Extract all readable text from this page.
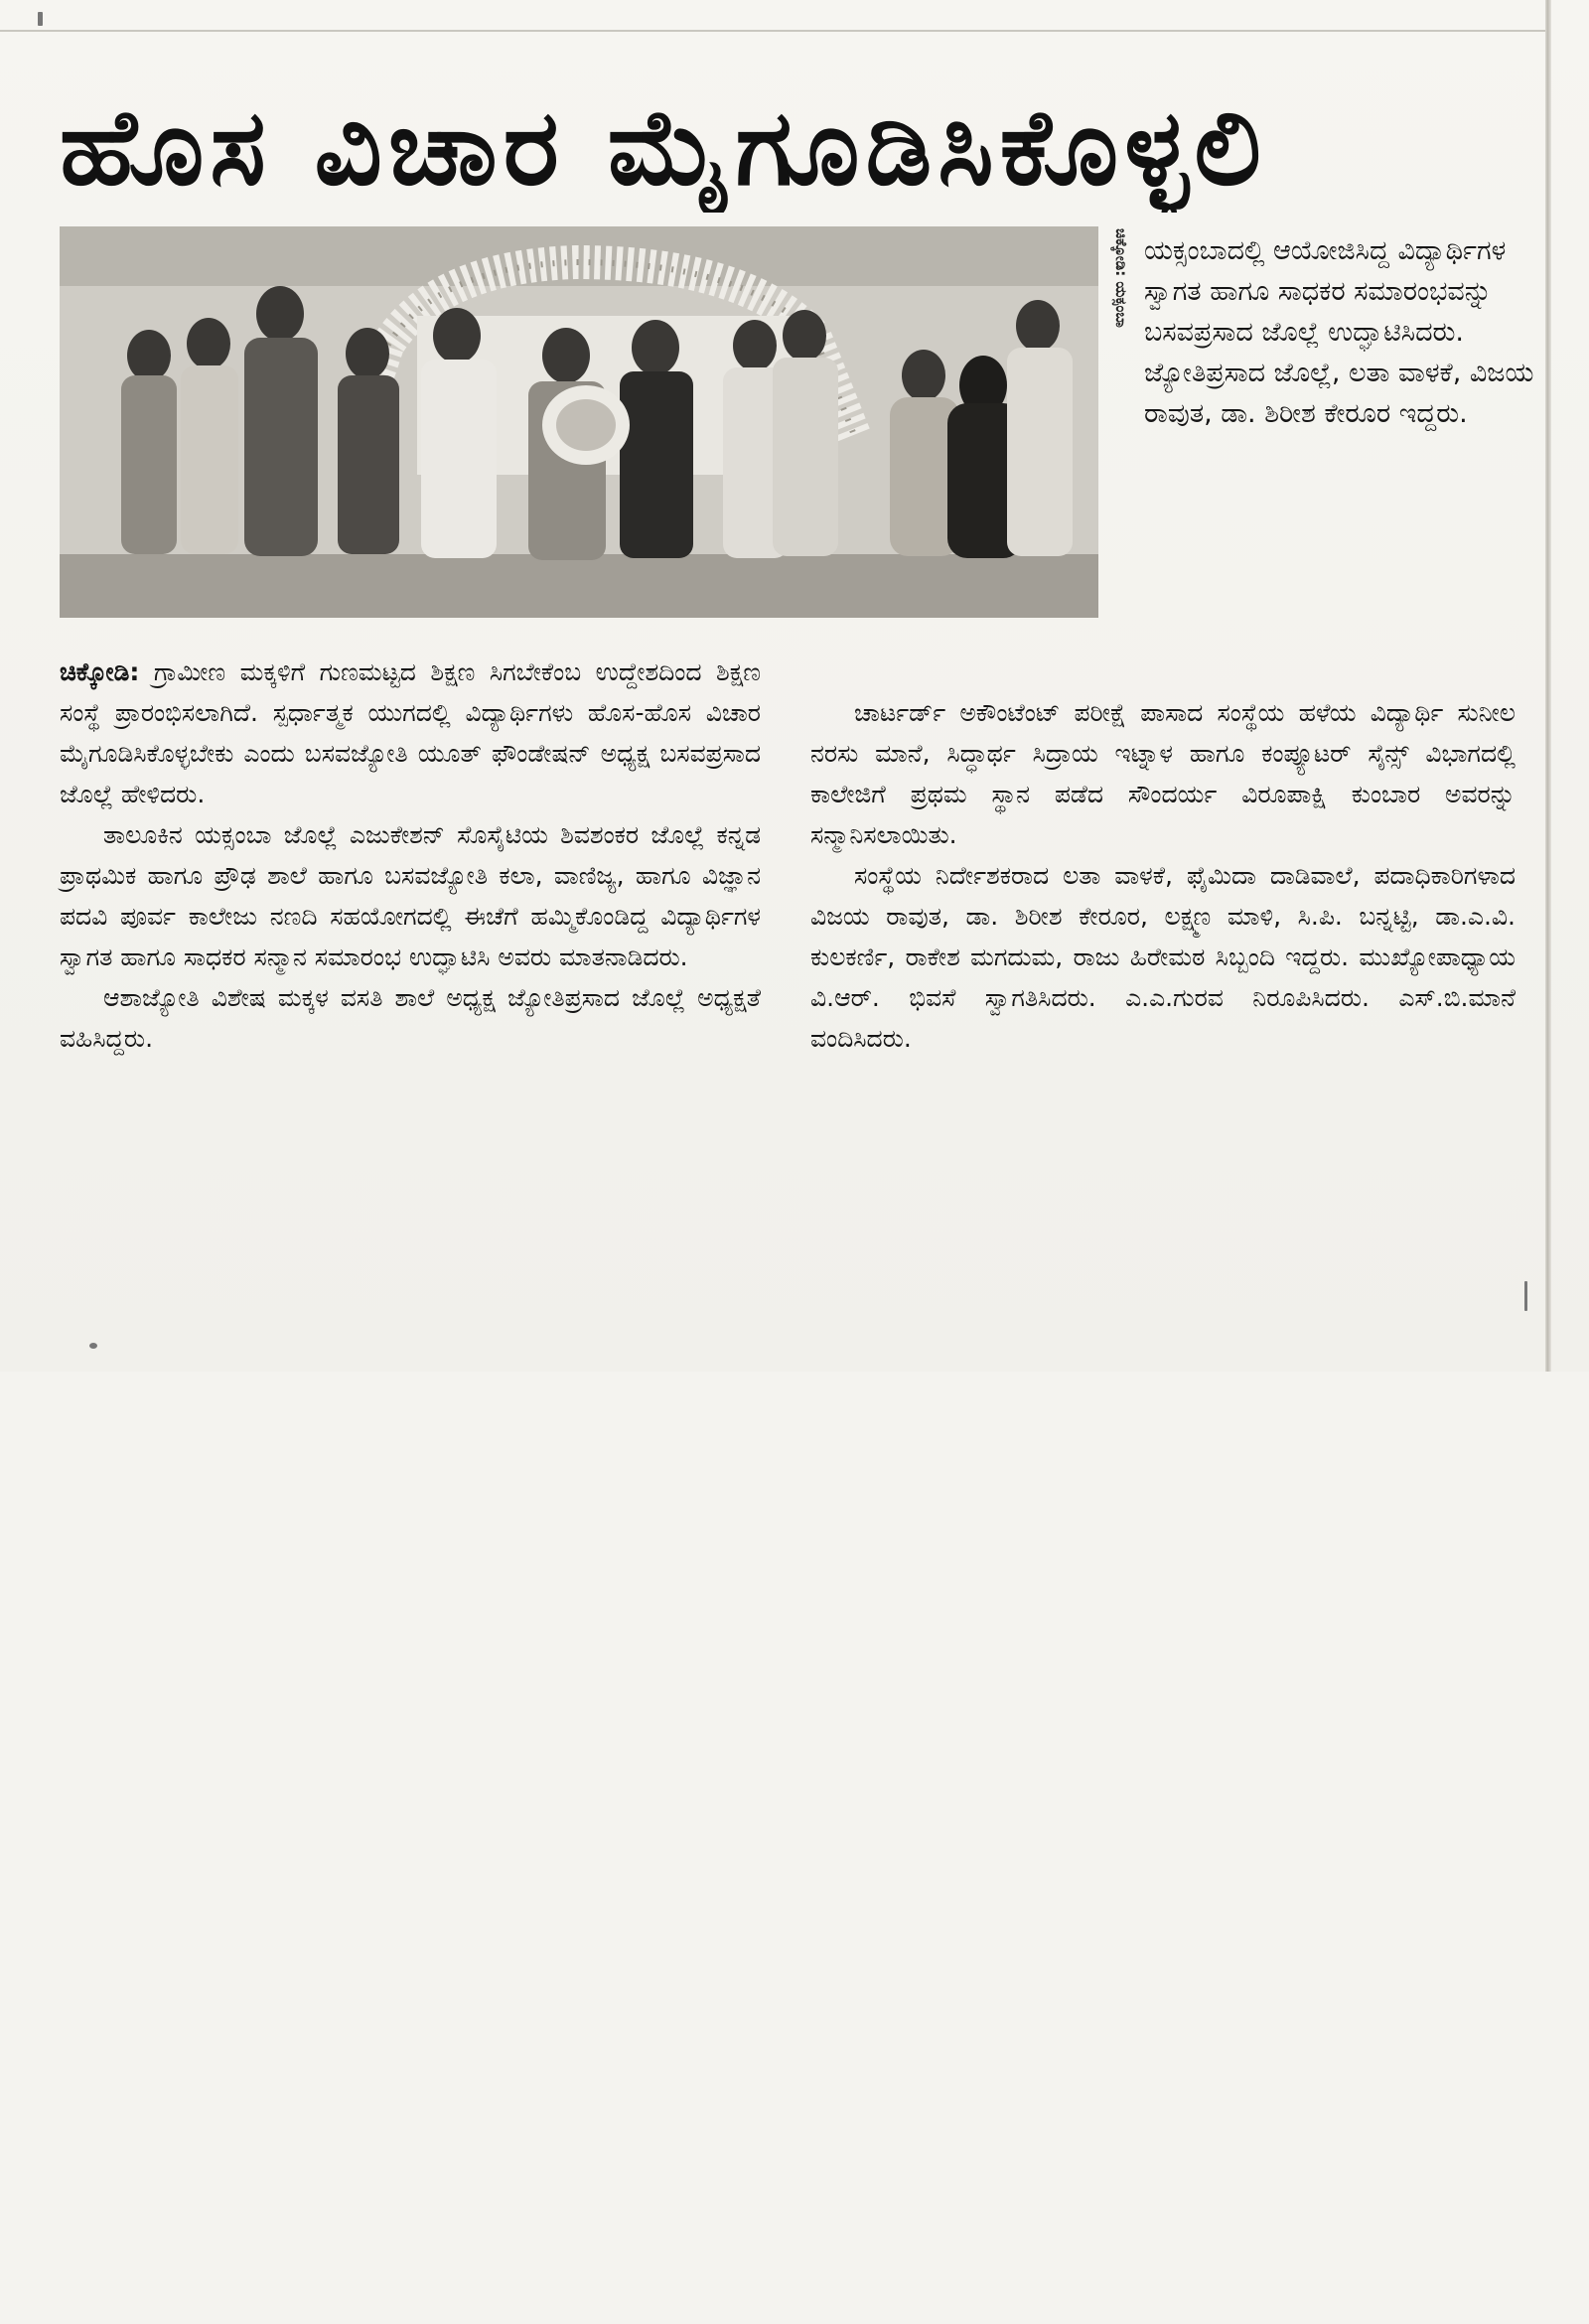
ಹೊಸ ವಿಚಾರ ಮೈಗೂಡಿಸಿಕೊಳ್ಳಲಿ
ಚಿಕ್ಕೋಡಿ: ಯಕ್ಸಂಬಾ ಯಕ್ಸಂಬಾದಲ್ಲಿ ಆಯೋಜಿಸಿದ್ದ ವಿದ್ಯಾರ್ಥಿಗಳ ಸ್ವಾಗತ ಹಾಗೂ ಸಾಧಕರ ಸಮಾರಂಭವನ್ನು ಬಸವಪ್ರಸಾದ ಜೊಲ್ಲೆ ಉದ್ಘಾಟಿಸಿದರು.

ಜ್ಯೋತಿಪ್ರಸಾದ ಜೊಲ್ಲೆ, ಲತಾ ವಾಳಕೆ, ವಿಜಯ ರಾವುತ, ಡಾ. ಶಿರೀಶ ಕೇರೂರ ಇದ್ದರು.

ಚಿಕ್ಕೋಡಿ: ಗ್ರಾಮೀಣ ಮಕ್ಕಳಿಗೆ ಗುಣಮಟ್ಟದ ಶಿಕ್ಷಣ ಸಿಗಬೇಕೆಂಬ ಉದ್ದೇಶದಿಂದ ಶಿಕ್ಷಣ ಸಂಸ್ಥೆ ಪ್ರಾರಂಭಿಸಲಾಗಿದೆ. ಸ್ಪರ್ಧಾತ್ಮಕ ಯುಗದಲ್ಲಿ ವಿದ್ಯಾರ್ಥಿಗಳು ಹೊಸ-ಹೊಸ ವಿಚಾರ ಮೈಗೂಡಿಸಿಕೊಳ್ಳಬೇಕು ಎಂದು ಬಸವಜ್ಯೋತಿ ಯೂತ್ ಫೌಂಡೇಷನ್ ಅಧ್ಯಕ್ಷ ಬಸವಪ್ರಸಾದ ಜೊಲ್ಲೆ ಹೇಳಿದರು.

ತಾಲೂಕಿನ ಯಕ್ಸಂಬಾ ಜೊಲ್ಲೆ ಎಜುಕೇಶನ್ ಸೊಸೈಟಿಯ ಶಿವಶಂಕರ ಜೊಲ್ಲೆ ಕನ್ನಡ ಪ್ರಾಥಮಿಕ ಹಾಗೂ ಪ್ರೌಢ ಶಾಲೆ ಹಾಗೂ ಬಸವಜ್ಯೋತಿ ಕಲಾ, ವಾಣಿಜ್ಯ, ಹಾಗೂ ವಿಜ್ಞಾನ ಪದವಿ ಪೂರ್ವ ಕಾಲೇಜು ನಣದಿ ಸಹಯೋಗದಲ್ಲಿ ಈಚೆಗೆ ಹಮ್ಮಿಕೊಂಡಿದ್ದ ವಿದ್ಯಾರ್ಥಿಗಳ ಸ್ವಾಗತ ಹಾಗೂ ಸಾಧಕರ ಸನ್ಮಾನ ಸಮಾರಂಭ ಉದ್ಘಾಟಿಸಿ ಅವರು ಮಾತನಾಡಿದರು.

ಆಶಾಜ್ಯೋತಿ ವಿಶೇಷ ಮಕ್ಕಳ ವಸತಿ ಶಾಲೆ ಅಧ್ಯಕ್ಷ ಜ್ಯೋತಿಪ್ರಸಾದ ಜೊಲ್ಲೆ ಅಧ್ಯಕ್ಷತೆ ವಹಿಸಿದ್ದರು.

ಚಾರ್ಟರ್ಡ್ ಅಕೌಂಟೆಂಟ್ ಪರೀಕ್ಷೆ ಪಾಸಾದ ಸಂಸ್ಥೆಯ ಹಳೆಯ ವಿದ್ಯಾರ್ಥಿ ಸುನೀಲ ನರಸು ಮಾನೆ, ಸಿದ್ಧಾರ್ಥ ಸಿದ್ರಾಯ ಇಟ್ನಾಳ ಹಾಗೂ ಕಂಪ್ಯೂಟರ್ ಸೈನ್ಸ್ ವಿಭಾಗದಲ್ಲಿ ಕಾಲೇಜಿಗೆ ಪ್ರಥಮ ಸ್ಥಾನ ಪಡೆದ ಸೌಂದರ್ಯ ವಿರೂಪಾಕ್ಷಿ ಕುಂಬಾರ ಅವರನ್ನು ಸನ್ಮಾನಿಸಲಾಯಿತು.

ಸಂಸ್ಥೆಯ ನಿರ್ದೇಶಕರಾದ ಲತಾ ವಾಳಕೆ, ಫೈಮಿದಾ ದಾಡಿವಾಲೆ, ಪದಾಧಿಕಾರಿಗಳಾದ ವಿಜಯ ರಾವುತ, ಡಾ. ಶಿರೀಶ ಕೇರೂರ, ಲಕ್ಷ್ಮಣ ಮಾಳಿ, ಸಿ.ಪಿ. ಬನ್ನಟ್ಟಿ, ಡಾ.ಎ.ವಿ. ಕುಲಕರ್ಣಿ, ರಾಕೇಶ ಮಗದುಮ, ರಾಜು ಹಿರೇಮಠ ಸಿಬ್ಬಂದಿ ಇದ್ದರು. ಮುಖ್ಯೋಪಾಧ್ಯಾಯ ವಿ.ಆರ್. ಭಿವಸೆ ಸ್ವಾಗತಿಸಿದರು. ಎ.ಎ.ಗುರವ ನಿರೂಪಿಸಿದರು. ಎಸ್.ಬಿ.ಮಾನೆ ವಂದಿಸಿದರು.
